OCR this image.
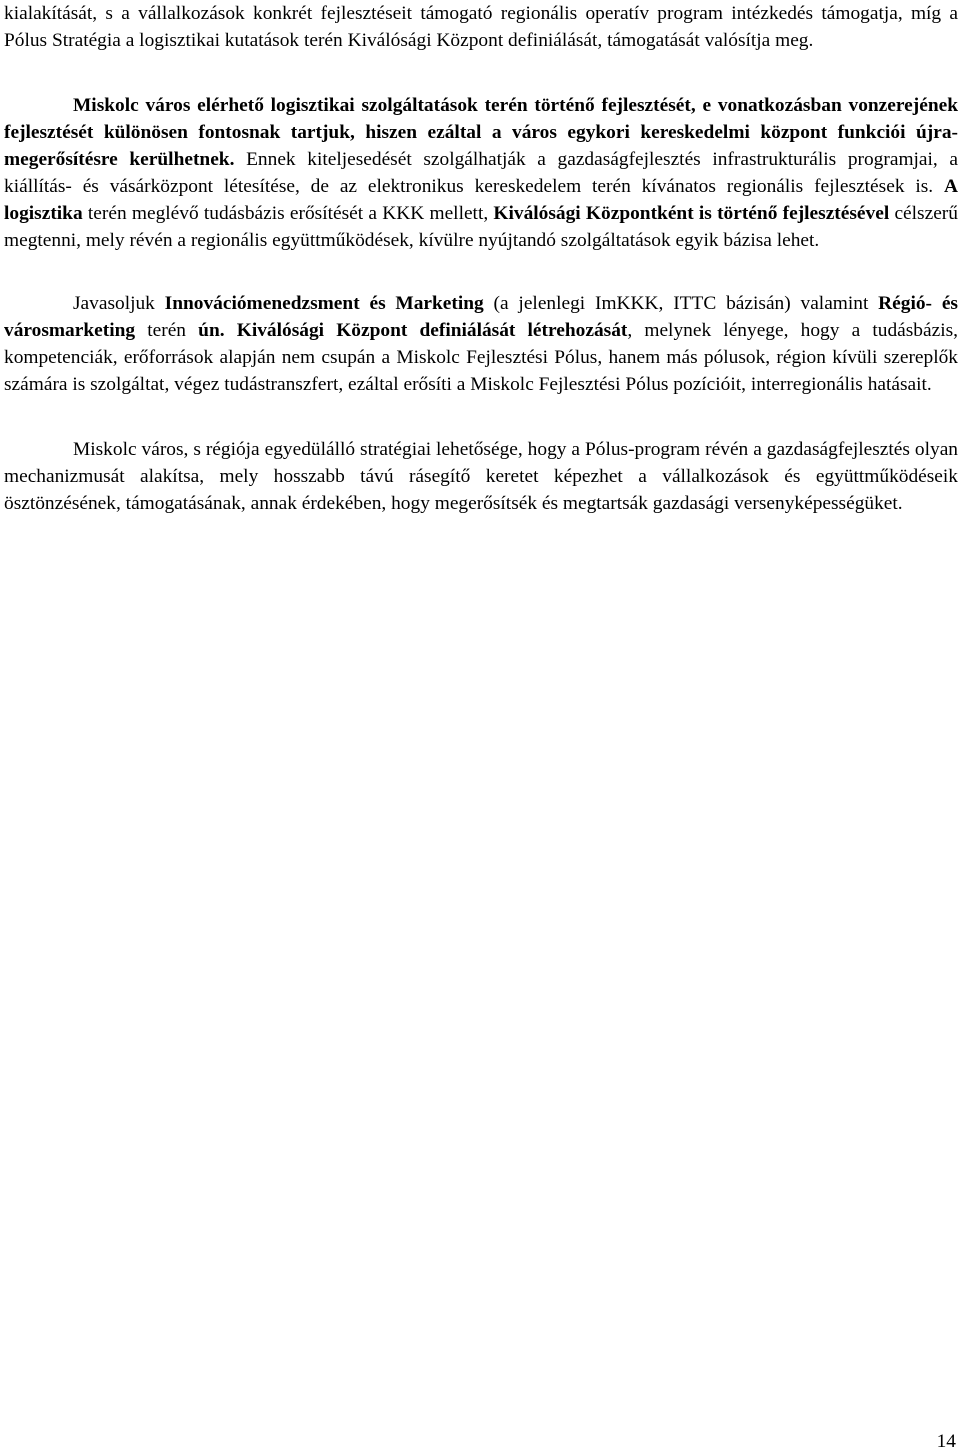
kialakítását, s a vállalkozások konkrét fejlesztéseit támogató regionális operatív program intézkedés támogatja, míg a Pólus Stratégia a logisztikai kutatások terén Kiválósági Központ definiálását, támogatását valósítja meg.

Miskolc város elérhető logisztikai szolgáltatások terén történő fejlesztését, e vonatkozásban vonzerejének fejlesztését különösen fontosnak tartjuk, hiszen ezáltal a város egykori kereskedelmi központ funkciói újra-megerősítésre kerülhetnek. Ennek kiteljesedését szolgálhatják a gazdaságfejlesztés infrastrukturális programjai, a kiállítás- és vásárközpont létesítése, de az elektronikus kereskedelem terén kívánatos regionális fejlesztések is. A logisztika terén meglévő tudásbázis erősítését a KKK mellett, Kiválósági Központként is történő fejlesztésével célszerű megtenni, mely révén a regionális együttműködések, kívülre nyújtandó szolgáltatások egyik bázisa lehet.

Javasoljuk Innovációmenedzsment és Marketing (a jelenlegi ImKKK, ITTC bázisán) valamint Régió- és városmarketing terén ún. Kiválósági Központ definiálását létrehozását, melynek lényege, hogy a tudásbázis, kompetenciák, erőforrások alapján nem csupán a Miskolc Fejlesztési Pólus, hanem más pólusok, région kívüli szereplők számára is szolgáltat, végez tudástranszfert, ezáltal erősíti a Miskolc Fejlesztési Pólus pozícióit, interregionális hatásait.

Miskolc város, s régiója egyedülálló stratégiai lehetősége, hogy a Pólus-program révén a gazdaságfejlesztés olyan mechanizmusát alakítsa, mely hosszabb távú rásegítő keretet képezhet a vállalkozások és együttműködéseik ösztönzésének, támogatásának, annak érdekében, hogy megerősítsék és megtartsák gazdasági versenyképességüket.

14
